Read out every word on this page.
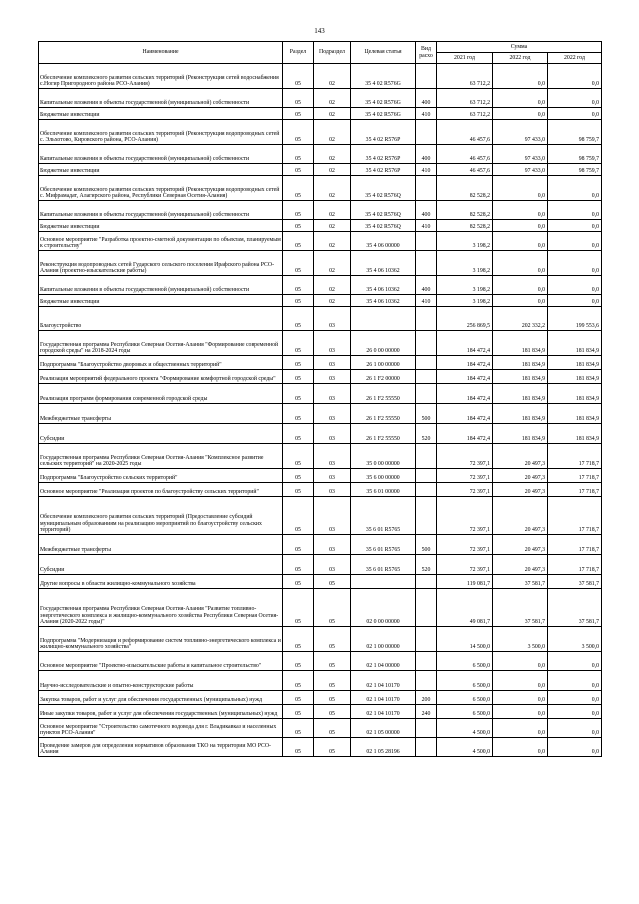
143
Наименование	Раздел	Подраздел	Целевая статья	Вид расхо	Сумма		
					2021 год	2022 год	2022 год
Обеспечение комплексного развития сельских территорий (Реконструкция сетей водоснабжения с.Ногир Пригородного района РСО-Алания)	05	02	35 4 02 R576G		63 712,2	0,0	0,0
Капитальные вложения в объекты государственной (муниципальной) собственности	05	02	35 4 02 R576G	400	63 712,2	0,0	0,0
Бюджетные инвестиции	05	02	35 4 02 R576G	410	63 712,2	0,0	0,0
Обеспечение комплексного развития сельских территорий (Реконструкция водопроводных сетей с. Эльхотово, Кировского района, РСО-Алания)	05	02	35 4 02 R576P		46 457,6	97 433,0	98 759,7
Капитальные вложения в объекты государственной (муниципальной) собственности	05	02	35 4 02 R576P	400	46 457,6	97 433,0	98 759,7
Бюджетные инвестиции	05	02	35 4 02 R576P	410	46 457,6	97 433,0	98 759,7
Обеспечение комплексного развития сельских территорий (Реконструкция водопроводных сетей с. Мифрамадат, Алагирского района, Республики Северная Осетия-Алания)	05	02	35 4 02 R576Q		82 528,2	0,0	0,0
Капитальные вложения в объекты государственной (муниципальной) собственности	05	02	35 4 02 R576Q	400	82 528,2	0,0	0,0
Бюджетные инвестиции	05	02	35 4 02 R576Q	410	82 528,2	0,0	0,0
Основное мероприятие "Разработка проектно-сметной документации по объектам, планируемым к строительству"	05	02	35 4 06 00000		3 198,2	0,0	0,0
Реконструкция водопроводных сетей Гударского сельского поселения Ирафского района РСО-Алания (проектно-изыскательские работы)	05	02	35 4 06 10362		3 198,2	0,0	0,0
Капитальные вложения в объекты государственной (муниципальной) собственности	05	02	35 4 06 10362	400	3 198,2	0,0	0,0
Бюджетные инвестиции	05	02	35 4 06 10362	410	3 198,2	0,0	0,0
Благоустройство	05	03			256 869,5	202 332,2	199 553,6
Государственная программа Республики Северная Осетия-Алания "Формирование современной городской среды" на 2018-2024 годы	05	03	26 0 00 00000		184 472,4	181 834,9	181 834,9
Подпрограмма "Благоустройство дворовых и общественных территорий"	05	03	26 1 00 00000		184 472,4	181 834,9	181 834,9
Реализация мероприятий федерального проекта "Формирование комфортной городской среды"	05	03	26 1 F2 00000		184 472,4	181 834,9	181 834,9
Реализация программ формирования современной городской среды	05	03	26 1 F2 55550		184 472,4	181 834,9	181 834,9
Межбюджетные трансферты	05	03	26 1 F2 55550	500	184 472,4	181 834,9	181 834,9
Субсидии	05	03	26 1 F2 55550	520	184 472,4	181 834,9	181 834,9
Государственная программа Республики Северная Осетия-Алания "Комплексное развитие сельских территорий" на 2020-2025 годы	05	03	35 0 00 00000		72 397,1	20 497,3	17 718,7
Подпрограмма "Благоустройство сельских территорий"	05	03	35 6 00 00000		72 397,1	20 497,3	17 718,7
Основное мероприятие "Реализация проектов по благоустройству сельских территорий"	05	03	35 6 01 00000		72 397,1	20 497,3	17 718,7
Обеспечение комплексного развития сельских территорий (Предоставление субсидий муниципальным образованиям на реализацию мероприятий по благоустройству сельских территорий)	05	03	35 6 01 R5765		72 397,1	20 497,3	17 718,7
Межбюджетные трансферты	05	03	35 6 01 R5765	500	72 397,1	20 497,3	17 718,7
Субсидии	05	03	35 6 01 R5765	520	72 397,1	20 497,3	17 718,7
Другие вопросы в области жилищно-коммунального хозяйства	05	05			119 081,7	37 581,7	37 581,7
Государственная программа Республики Северная Осетия-Алания "Развитие топливно-энергетического комплекса и жилищно-коммунального хозяйства Республики Северная Осетия-Алания (2020-2022 годы)"	05	05	02 0 00 00000		49 081,7	37 581,7	37 581,7
Подпрограмма "Модернизация и реформирование систем топливно-энергетического комплекса и жилищно-коммунального хозяйства"	05	05	02 1 00 00000		14 500,0	3 500,0	3 500,0
Основное мероприятие "Проектно-изыскательские работы и капитальное строительство"	05	05	02 1 04 00000		6 500,0	0,0	0,0
Научно-исследовательские и опытно-конструкторские работы	05	05	02 1 04 10170		6 500,0	0,0	0,0
Закупка товаров, работ и услуг для обеспечения государственных (муниципальных) нужд	05	05	02 1 04 10170	200	6 500,0	0,0	0,0
Иные закупки товаров, работ и услуг для обеспечения государственных (муниципальных) нужд	05	05	02 1 04 10170	240	6 500,0	0,0	0,0
Основное мероприятие "Строительство самотечного водовода для г. Владикавказ и населенных пунктов РСО-Алания"	05	05	02 1 05 00000		4 500,0	0,0	0,0
Проведение замеров для определения нормативов образования ТКО на территории МО РСО-Алания	05	05	02 1 05 28196		4 500,0	0,0	0,0
